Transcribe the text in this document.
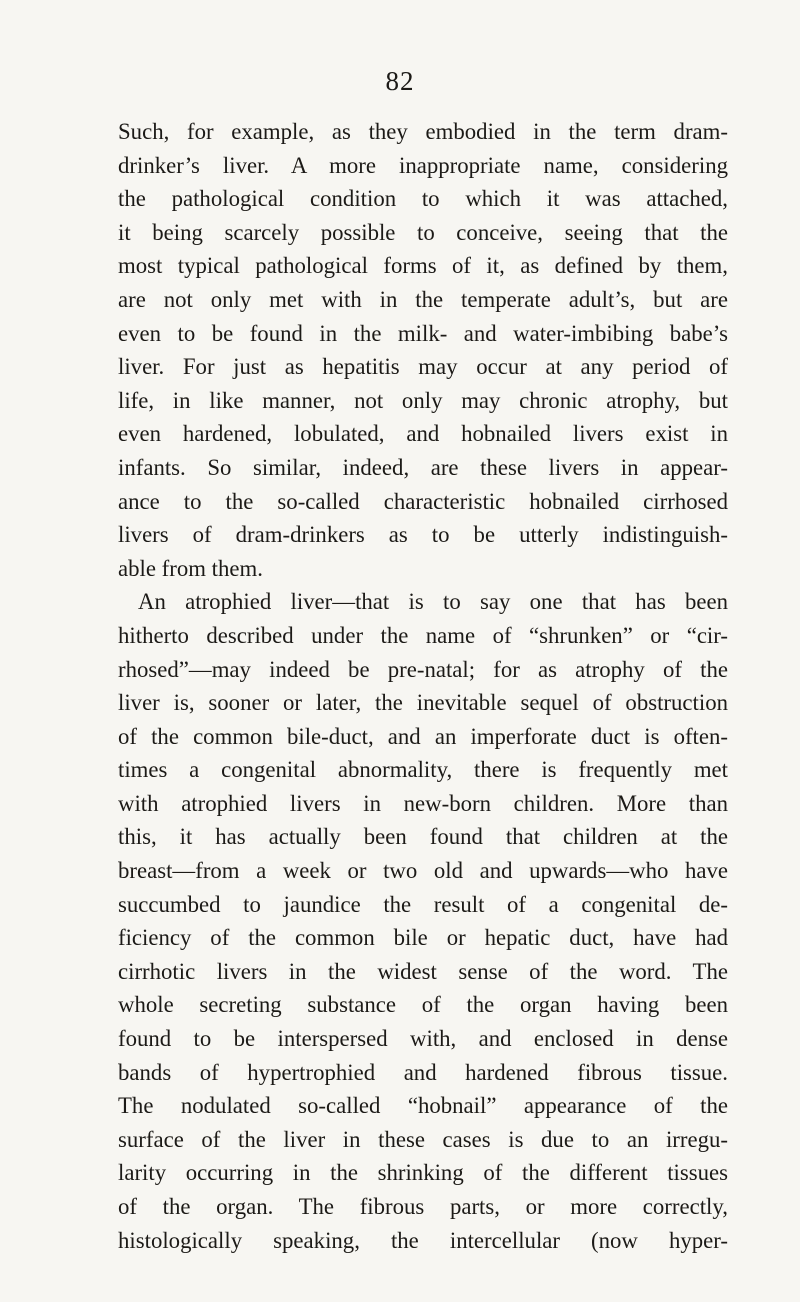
82
Such, for example, as they embodied in the term dram-
drinker’s liver. A more inappropriate name, considering
the pathological condition to which it was attached,
it being scarcely possible to conceive, seeing that the
most typical pathological forms of it, as defined by them,
are not only met with in the temperate adult’s, but are
even to be found in the milk- and water-imbibing babe’s
liver. For just as hepatitis may occur at any period of
life, in like manner, not only may chronic atrophy, but
even hardened, lobulated, and hobnailed livers exist in
infants. So similar, indeed, are these livers in appear-
ance to the so-called characteristic hobnailed cirrhosed
livers of dram-drinkers as to be utterly indistinguish-
able from them.
An atrophied liver—that is to say one that has been
hitherto described under the name of “shrunken” or “cir-
rhosed”—may indeed be pre-natal; for as atrophy of the
liver is, sooner or later, the inevitable sequel of obstruction
of the common bile-duct, and an imperforate duct is often-
times a congenital abnormality, there is frequently met
with atrophied livers in new-born children. More than
this, it has actually been found that children at the
breast—from a week or two old and upwards—who have
succumbed to jaundice the result of a congenital de-
ficiency of the common bile or hepatic duct, have had
cirrhotic livers in the widest sense of the word. The
whole secreting substance of the organ having been
found to be interspersed with, and enclosed in dense
bands of hypertrophied and hardened fibrous tissue.
The nodulated so-called “hobnail” appearance of the
surface of the liver in these cases is due to an irregu-
larity occurring in the shrinking of the different tissues
of the organ. The fibrous parts, or more correctly,
histologically speaking, the intercellular (now hyper-
